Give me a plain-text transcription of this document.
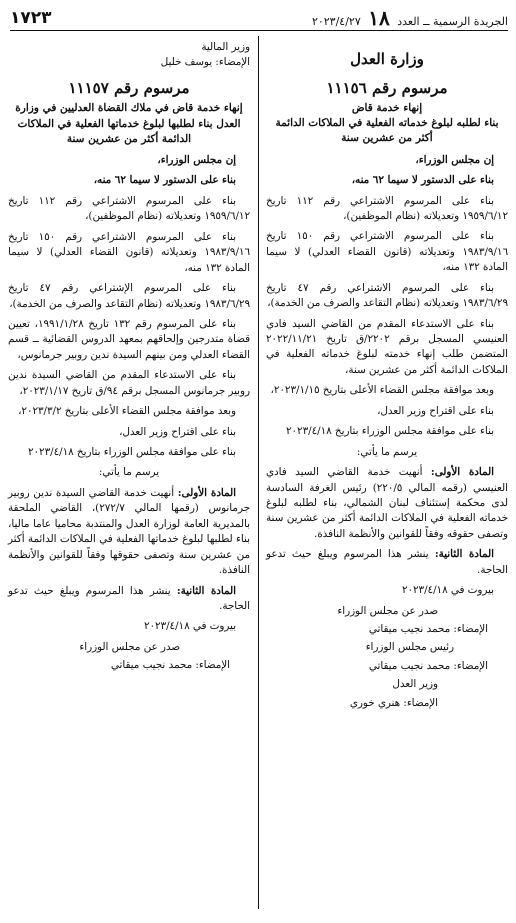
الجريدة الرسمية ــ العدد ١٨ ٢٠٢٣/٤/٢٧
١٧٢٣
وزارة العدل
مرسوم رقم ١١١٥٦
إنهاء خدمة قاض
بناء لطلبه لبلوغ خدماته الفعلية في الملاكات الدائمة أكثر من عشرين سنة

إن مجلس الوزراء،

بناء على الدستور لا سيما ٦٢ منه،

بناء على المرسوم الاشتراعي رقم ١١٢ تاريخ ١٩٥٩/٦/١٢ وتعديلاته (نظام الموظفين)،

بناء على المرسوم الاشتراعي رقم ١٥٠ تاريخ ١٩٨٣/٩/١٦ وتعديلاته (قانون القضاء العدلي) لا سيما المادة ١٣٢ منه،

بناء على المرسوم الاشتراعي رقم ٤٧ تاريخ ١٩٨٣/٦/٢٩ وتعديلاته (نظام التقاعد والصرف من الخدمة)،

بناء على الاستدعاء المقدم من القاضي السيد فادي العنيسي المسجل برقم ٢٢٠٢/ق تاريخ ٢٠٢٢/١١/٢١ المتضمن طلب إنهاء خدمته لبلوغ خدماته الفعلية في الملاكات الدائمة أكثر من عشرين سنة،

وبعد موافقة مجلس القضاء الأعلى بتاريخ ٢٠٢٣/١/١٥،

بناء على اقتراح وزير العدل،

بناء على موافقة مجلس الوزراء بتاريخ ٢٠٢٣/٤/١٨

يرسم ما يأتي:

المادة الأولى: أنهيت خدمة القاضي السيد فادي العنيسي (رقمه المالي ٢٢٠/٥) رئيس الغرفة السادسة لدى محكمة إستئناف لبنان الشمالي، بناء لطلبه لبلوغ خدماته الفعلية في الملاكات الدائمة أكثر من عشرين سنة وتصفى حقوقه وفقاً للقوانين والأنظمة النافذة.

المادة الثانية: ينشر هذا المرسوم ويبلغ حيث تدعو الحاجة.

بيروت في ٢٠٢٣/٤/١٨

صدر عن مجلس الوزراء
الإمضاء: محمد نجيب ميقاتي
رئيس مجلس الوزراء
الإمضاء: محمد نجيب ميقاتي
وزير العدل
الإمضاء: هنري خوري
وزير المالية
الإمضاء: يوسف خليل
مرسوم رقم ١١١٥٧
إنهاء خدمة قاض في ملاك القضاة العدليين في وزارة العدل بناء لطلبها لبلوغ خدماتها الفعلية في الملاكات الدائمة أكثر من عشرين سنة

إن مجلس الوزراء،

بناء على الدستور لا سيما ٦٢ منه،

بناء على المرسوم الاشتراعي رقم ١١٢ تاريخ ١٩٥٩/٦/١٢ وتعديلاته (نظام الموظفين)،

بناء على المرسوم الاشتراعي رقم ١٥٠ تاريخ ١٩٨٣/٩/١٦ وتعديلاته (قانون القضاء العدلي) لا سيما المادة ١٣٢ منه،

بناء على المرسوم الإشتراعي رقم ٤٧ تاريخ ١٩٨٣/٦/٢٩ وتعديلاته (نظام التقاعد والصرف من الخدمة)،

بناء على المرسوم رقم ١٣٢ تاريخ ١٩٩١/١/٢٨، تعيين قضاة متدرجين وإلحاقهم بمعهد الدروس القضائية ــ قسم القضاء العدلي ومن بينهم السيدة ندين روبير جرمانوس،

بناء على الاستدعاء المقدم من القاضي السيدة ندين روبير جرمانوس المسجل برقم ٩٤/ق تاريخ ٢٠٢٣/١/١٧،

وبعد موافقة مجلس القضاء الأعلى بتاريخ ٢٠٢٣/٣/٢،

بناء على اقتراح وزير العدل،

بناء على موافقة مجلس الوزراء بتاريخ ٢٠٢٣/٤/١٨

يرسم ما يأتي:

المادة الأولى: أنهيت خدمة القاضي السيدة ندين روبير جرمانوس (رقمها المالي ٢٧٢/٧)، القاضي الملحقة بالمديرية العامة لوزارة العدل والمنتدبة محاميا عاما ماليا، بناء لطلبها لبلوغ خدماتها الفعلية في الملاكات الدائمة أكثر من عشرين سنة وتصفى حقوقها وفقاً للقوانين والأنظمة النافذة.

المادة الثانية: ينشر هذا المرسوم ويبلغ حيث تدعو الحاجة.

بيروت في ٢٠٢٣/٤/١٨

صدر عن مجلس الوزراء
الإمضاء: محمد نجيب ميقاتي
